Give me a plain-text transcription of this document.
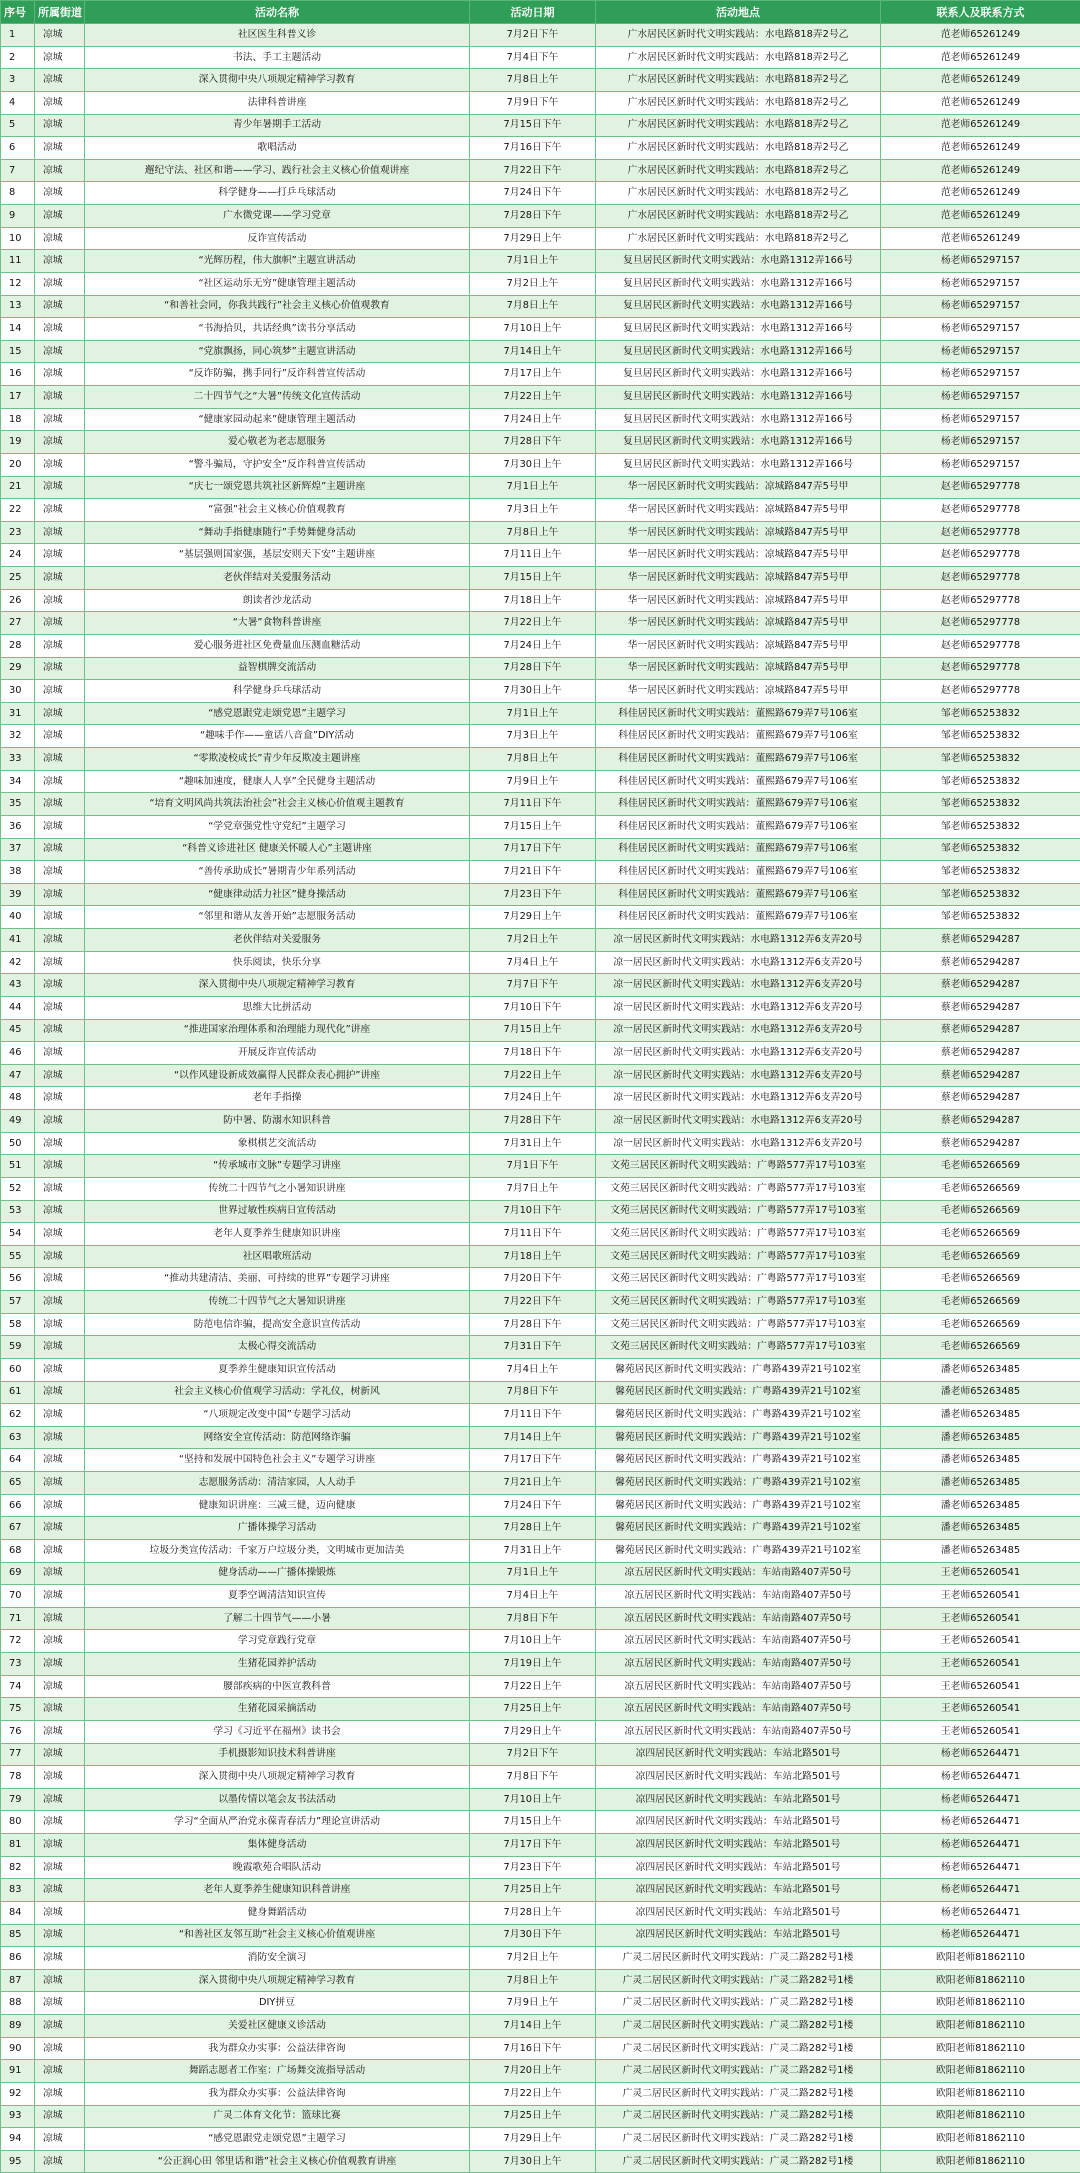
序号	所属街道	活动名称	活动日期	活动地点	联系人及联系方式
1	凉城	社区医生科普义诊	7月2日下午	广水居民区新时代文明实践站：水电路818弄2号乙	范老师65261249
2	凉城	书法、手工主题活动	7月4日下午	广水居民区新时代文明实践站：水电路818弄2号乙	范老师65261249
3	凉城	深入贯彻中央八项规定精神学习教育	7月8日上午	广水居民区新时代文明实践站：水电路818弄2号乙	范老师65261249
4	凉城	法律科普讲座	7月9日下午	广水居民区新时代文明实践站：水电路818弄2号乙	范老师65261249
5	凉城	青少年暑期手工活动	7月15日下午	广水居民区新时代文明实践站：水电路818弄2号乙	范老师65261249
6	凉城	歌唱活动	7月16日下午	广水居民区新时代文明实践站：水电路818弄2号乙	范老师65261249
7	凉城	邂纪守法、社区和谐——学习、践行社会主义核心价值观讲座	7月22日下午	广水居民区新时代文明实践站：水电路818弄2号乙	范老师65261249
8	凉城	科学健身——打乒乓球活动	7月24日下午	广水居民区新时代文明实践站：水电路818弄2号乙	范老师65261249
9	凉城	广水微党课——学习党章	7月28日下午	广水居民区新时代文明实践站：水电路818弄2号乙	范老师65261249
10	凉城	反诈宣传活动	7月29日上午	广水居民区新时代文明实践站：水电路818弄2号乙	范老师65261249
11	凉城	“光辉历程，伟大旗帜”主题宣讲活动	7月1日上午	复旦居民区新时代文明实践站：水电路1312弄166号	杨老师65297157
12	凉城	“社区运动乐无穷”健康管理主题活动	7月2日上午	复旦居民区新时代文明实践站：水电路1312弄166号	杨老师65297157
13	凉城	“和善社会同，你我共践行”社会主义核心价值观教育	7月8日上午	复旦居民区新时代文明实践站：水电路1312弄166号	杨老师65297157
14	凉城	“书海拾贝，共话经典”读书分享活动	7月10日上午	复旦居民区新时代文明实践站：水电路1312弄166号	杨老师65297157
15	凉城	“党旗飘扬，同心筑梦”主题宣讲活动	7月14日上午	复旦居民区新时代文明实践站：水电路1312弄166号	杨老师65297157
16	凉城	“反诈防骗，携手同行”反诈科普宣传活动	7月17日上午	复旦居民区新时代文明实践站：水电路1312弄166号	杨老师65297157
17	凉城	二十四节气之“大暑”传统文化宣传活动	7月22日上午	复旦居民区新时代文明实践站：水电路1312弄166号	杨老师65297157
18	凉城	“健康家园动起来”健康管理主题活动	7月24日上午	复旦居民区新时代文明实践站：水电路1312弄166号	杨老师65297157
19	凉城	爱心敬老为老志愿服务	7月28日下午	复旦居民区新时代文明实践站：水电路1312弄166号	杨老师65297157
20	凉城	“警斗骗局，守护安全”反诈科普宣传活动	7月30日上午	复旦居民区新时代文明实践站：水电路1312弄166号	杨老师65297157
21	凉城	“庆七一颂党恩共筑社区新辉煌”主题讲座	7月1日上午	华一居民区新时代文明实践站：凉城路847弄5号甲	赵老师65297778
22	凉城	“富强”社会主义核心价值观教育	7月3日上午	华一居民区新时代文明实践站：凉城路847弄5号甲	赵老师65297778
23	凉城	“舞动手指健康随行”手势舞健身活动	7月8日上午	华一居民区新时代文明实践站：凉城路847弄5号甲	赵老师65297778
24	凉城	“基层强则国家强，基层安则天下安”主题讲座	7月11日上午	华一居民区新时代文明实践站：凉城路847弄5号甲	赵老师65297778
25	凉城	老伙伴结对关爱服务活动	7月15日上午	华一居民区新时代文明实践站：凉城路847弄5号甲	赵老师65297778
26	凉城	朗读者沙龙活动	7月18日上午	华一居民区新时代文明实践站：凉城路847弄5号甲	赵老师65297778
27	凉城	“大暑”食物科普讲座	7月22日上午	华一居民区新时代文明实践站：凉城路847弄5号甲	赵老师65297778
28	凉城	爱心服务进社区免费量血压测血糖活动	7月24日上午	华一居民区新时代文明实践站：凉城路847弄5号甲	赵老师65297778
29	凉城	益智棋牌交流活动	7月28日下午	华一居民区新时代文明实践站：凉城路847弄5号甲	赵老师65297778
30	凉城	科学健身乒乓球活动	7月30日上午	华一居民区新时代文明实践站：凉城路847弄5号甲	赵老师65297778
31	凉城	“感党恩跟党走颂党恩”主题学习	7月1日上午	科佳居民区新时代文明实践站：董熙路679弄7号106室	邹老师65253832
32	凉城	“趣味手作——童话八音盒”DIY活动	7月3日上午	科佳居民区新时代文明实践站：董熙路679弄7号106室	邹老师65253832
33	凉城	“零欺凌校成长”青少年反欺凌主题讲座	7月8日上午	科佳居民区新时代文明实践站：董熙路679弄7号106室	邹老师65253832
34	凉城	“趣味加速度，健康人人享”全民健身主题活动	7月9日上午	科佳居民区新时代文明实践站：董熙路679弄7号106室	邹老师65253832
35	凉城	“培育文明风尚共筑法治社会”社会主义核心价值观主题教育	7月11日下午	科佳居民区新时代文明实践站：董熙路679弄7号106室	邹老师65253832
36	凉城	“学党章强党性守党纪”主题学习	7月15日上午	科佳居民区新时代文明实践站：董熙路679弄7号106室	邹老师65253832
37	凉城	“科普义诊进社区 健康关怀暖人心”主题讲座	7月17日下午	科佳居民区新时代文明实践站：董熙路679弄7号106室	邹老师65253832
38	凉城	“善传承助成长”暑期青少年系列活动	7月21日下午	科佳居民区新时代文明实践站：董熙路679弄7号106室	邹老师65253832
39	凉城	“健康律动活力社区”健身操活动	7月23日下午	科佳居民区新时代文明实践站：董熙路679弄7号106室	邹老师65253832
40	凉城	“邻里和谐从友善开始”志愿服务活动	7月29日上午	科佳居民区新时代文明实践站：董熙路679弄7号106室	邹老师65253832
41	凉城	老伙伴结对关爱服务	7月2日上午	凉一居民区新时代文明实践站：水电路1312弄6支弄20号	蔡老师65294287
42	凉城	快乐阅读，快乐分享	7月4日上午	凉一居民区新时代文明实践站：水电路1312弄6支弄20号	蔡老师65294287
43	凉城	深入贯彻中央八项规定精神学习教育	7月7日下午	凉一居民区新时代文明实践站：水电路1312弄6支弄20号	蔡老师65294287
44	凉城	思维大比拼活动	7月10日下午	凉一居民区新时代文明实践站：水电路1312弄6支弄20号	蔡老师65294287
45	凉城	“推进国家治理体系和治理能力现代化”讲座	7月15日上午	凉一居民区新时代文明实践站：水电路1312弄6支弄20号	蔡老师65294287
46	凉城	开展反诈宣传活动	7月18日下午	凉一居民区新时代文明实践站：水电路1312弄6支弄20号	蔡老师65294287
47	凉城	“以作风建设新成效赢得人民群众表心拥护”讲座	7月22日上午	凉一居民区新时代文明实践站：水电路1312弄6支弄20号	蔡老师65294287
48	凉城	老年手指操	7月24日上午	凉一居民区新时代文明实践站：水电路1312弄6支弄20号	蔡老师65294287
49	凉城	防中暑、防溺水知识科普	7月28日下午	凉一居民区新时代文明实践站：水电路1312弄6支弄20号	蔡老师65294287
50	凉城	象棋棋艺交流活动	7月31日上午	凉一居民区新时代文明实践站：水电路1312弄6支弄20号	蔡老师65294287
51	凉城	“传承城市文脉”专题学习讲座	7月1日下午	文苑三居民区新时代文明实践站：广粤路577弄17号103室	毛老师65266569
52	凉城	传统二十四节气之小暑知识讲座	7月7日上午	文苑三居民区新时代文明实践站：广粤路577弄17号103室	毛老师65266569
53	凉城	世界过敏性疾病日宣传活动	7月10日下午	文苑三居民区新时代文明实践站：广粤路577弄17号103室	毛老师65266569
54	凉城	老年人夏季养生健康知识讲座	7月11日下午	文苑三居民区新时代文明实践站：广粤路577弄17号103室	毛老师65266569
55	凉城	社区唱歌班活动	7月18日上午	文苑三居民区新时代文明实践站：广粤路577弄17号103室	毛老师65266569
56	凉城	“推动共建清洁、美丽、可持续的世界”专题学习讲座	7月20日下午	文苑三居民区新时代文明实践站：广粤路577弄17号103室	毛老师65266569
57	凉城	传统二十四节气之大暑知识讲座	7月22日下午	文苑三居民区新时代文明实践站：广粤路577弄17号103室	毛老师65266569
58	凉城	防范电信诈骗，提高安全意识宣传活动	7月28日下午	文苑三居民区新时代文明实践站：广粤路577弄17号103室	毛老师65266569
59	凉城	太极心得交流活动	7月31日下午	文苑三居民区新时代文明实践站：广粤路577弄17号103室	毛老师65266569
60	凉城	夏季养生健康知识宣传活动	7月4日上午	馨苑居民区新时代文明实践站：广粤路439弄21号102室	潘老师65263485
61	凉城	社会主义核心价值观学习活动：学礼仪，树新风	7月8日下午	馨苑居民区新时代文明实践站：广粤路439弄21号102室	潘老师65263485
62	凉城	“八项规定改变中国”专题学习活动	7月11日下午	馨苑居民区新时代文明实践站：广粤路439弄21号102室	潘老师65263485
63	凉城	网络安全宣传活动：防范网络诈骗	7月14日上午	馨苑居民区新时代文明实践站：广粤路439弄21号102室	潘老师65263485
64	凉城	“坚持和发展中国特色社会主义”专题学习讲座	7月17日下午	馨苑居民区新时代文明实践站：广粤路439弄21号102室	潘老师65263485
65	凉城	志愿服务活动：清洁家园，人人动手	7月21日上午	馨苑居民区新时代文明实践站：广粤路439弄21号102室	潘老师65263485
66	凉城	健康知识讲座：三减三健，迈向健康	7月24日下午	馨苑居民区新时代文明实践站：广粤路439弄21号102室	潘老师65263485
67	凉城	广播体操学习活动	7月28日上午	馨苑居民区新时代文明实践站：广粤路439弄21号102室	潘老师65263485
68	凉城	垃圾分类宣传活动：千家万户垃圾分类，文明城市更加洁美	7月31日上午	馨苑居民区新时代文明实践站：广粤路439弄21号102室	潘老师65263485
69	凉城	健身活动——广播体操锻炼	7月1日上午	凉五居民区新时代文明实践站：车站南路407弄50号	王老师65260541
70	凉城	夏季空调清洁知识宣传	7月4日上午	凉五居民区新时代文明实践站：车站南路407弄50号	王老师65260541
71	凉城	了解二十四节气——小暑	7月8日下午	凉五居民区新时代文明实践站：车站南路407弄50号	王老师65260541
72	凉城	学习党章践行党章	7月10日上午	凉五居民区新时代文明实践站：车站南路407弄50号	王老师65260541
73	凉城	生猪花园养护活动	7月19日上午	凉五居民区新时代文明实践站：车站南路407弄50号	王老师65260541
74	凉城	腰部疾病的中医宣教科普	7月22日上午	凉五居民区新时代文明实践站：车站南路407弄50号	王老师65260541
75	凉城	生猪花园采摘活动	7月25日上午	凉五居民区新时代文明实践站：车站南路407弄50号	王老师65260541
76	凉城	学习《习近平在福州》读书会	7月29日上午	凉五居民区新时代文明实践站：车站南路407弄50号	王老师65260541
77	凉城	手机摄影知识技术科普讲座	7月2日下午	凉四居民区新时代文明实践站：车站北路501号	杨老师65264471
78	凉城	深入贯彻中央八项规定精神学习教育	7月8日下午	凉四居民区新时代文明实践站：车站北路501号	杨老师65264471
79	凉城	以墨传情以笔会友书法活动	7月10日上午	凉四居民区新时代文明实践站：车站北路501号	杨老师65264471
80	凉城	学习“全面从严治党永葆青春活力”理论宣讲活动	7月15日上午	凉四居民区新时代文明实践站：车站北路501号	杨老师65264471
81	凉城	集体健身活动	7月17日下午	凉四居民区新时代文明实践站：车站北路501号	杨老师65264471
82	凉城	晚霞歌苑合唱队活动	7月23日下午	凉四居民区新时代文明实践站：车站北路501号	杨老师65264471
83	凉城	老年人夏季养生健康知识科普讲座	7月25日上午	凉四居民区新时代文明实践站：车站北路501号	杨老师65264471
84	凉城	健身舞蹈活动	7月28日上午	凉四居民区新时代文明实践站：车站北路501号	杨老师65264471
85	凉城	“和善社区友邻互助”社会主义核心价值观讲座	7月30日下午	凉四居民区新时代文明实践站：车站北路501号	杨老师65264471
86	凉城	消防安全演习	7月2日上午	广灵二居民区新时代文明实践站：广灵二路282号1楼	欧阳老师81862110
87	凉城	深入贯彻中央八项规定精神学习教育	7月8日上午	广灵二居民区新时代文明实践站：广灵二路282号1楼	欧阳老师81862110
88	凉城	DIY拼豆	7月9日上午	广灵二居民区新时代文明实践站：广灵二路282号1楼	欧阳老师81862110
89	凉城	关爱社区健康义诊活动	7月14日上午	广灵二居民区新时代文明实践站：广灵二路282号1楼	欧阳老师81862110
90	凉城	我为群众办实事：公益法律咨询	7月16日下午	广灵二居民区新时代文明实践站：广灵二路282号1楼	欧阳老师81862110
91	凉城	舞蹈志愿者工作室：广场舞交流指导活动	7月20日上午	广灵二居民区新时代文明实践站：广灵二路282号1楼	欧阳老师81862110
92	凉城	我为群众办实事：公益法律咨询	7月22日上午	广灵二居民区新时代文明实践站：广灵二路282号1楼	欧阳老师81862110
93	凉城	广灵二体育文化节：篮球比赛	7月25日上午	广灵二居民区新时代文明实践站：广灵二路282号1楼	欧阳老师81862110
94	凉城	“感党恩跟党走颂党恩”主题学习	7月29日上午	广灵二居民区新时代文明实践站：广灵二路282号1楼	欧阳老师81862110
95	凉城	“公正润心田 邻里话和谐”社会主义核心价值观教育讲座	7月30日上午	广灵二居民区新时代文明实践站：广灵二路282号1楼	欧阳老师81862110
